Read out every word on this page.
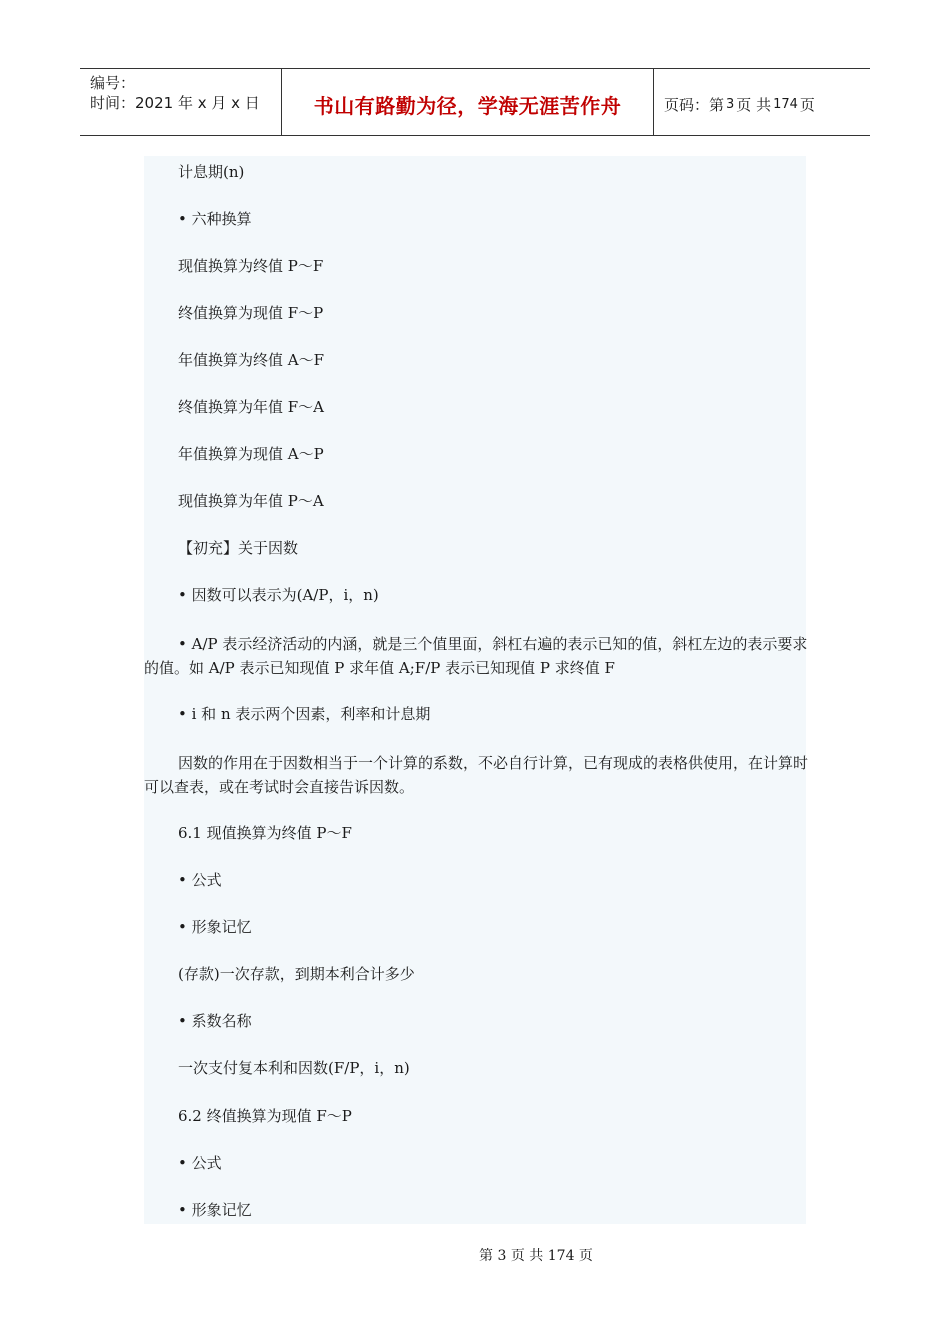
编号：
时间：2021 年 x 月 x 日	书山有路勤为径，学海无涯苦作舟	页码：第 3 页 共 174 页
计息期(n)
• 六种换算
现值换算为终值 P～F
终值换算为现值 F～P
年值换算为终值 A～F
终值换算为年值 F～A
年值换算为现值 A～P
现值换算为年值 P～A
【初充】关于因数
• 因数可以表示为(A/P，i，n)
• A/P 表示经济活动的内涵，就是三个值里面，斜杠右遍的表示已知的值，斜杠左边的表示要求的值。如 A/P 表示已知现值 P 求年值 A;F/P 表示已知现值 P 求终值 F
• i 和 n 表示两个因素，利率和计息期
因数的作用在于因数相当于一个计算的系数，不必自行计算，已有现成的表格供使用，在计算时可以查表，或在考试时会直接告诉因数。
6.1 现值换算为终值 P～F
• 公式
• 形象记忆
(存款)一次存款，到期本利合计多少
• 系数名称
一次支付复本利和因数(F/P，i，n)
6.2 终值换算为现值 F～P
• 公式
• 形象记忆
第 3 页 共 174 页
